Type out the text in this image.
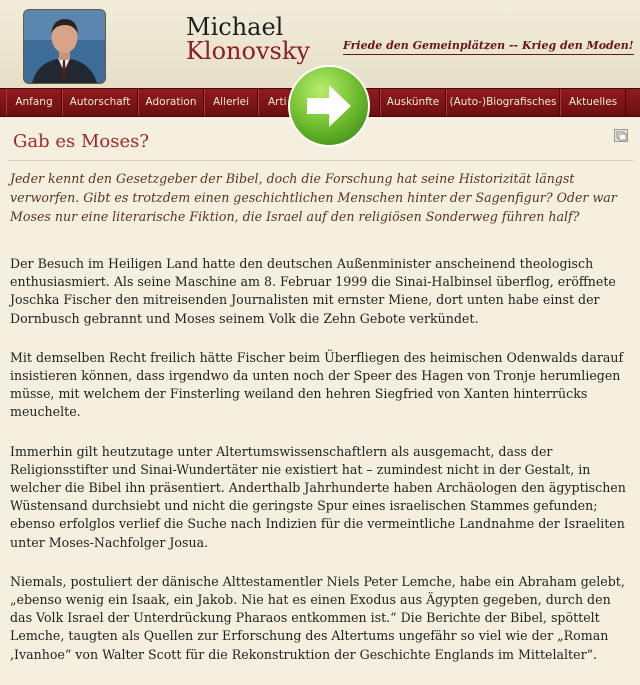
Michael
Klonovsky	Friede den Gemeinplätzen -- Krieg den Moden!
Anfang	Autorschaft	Adoration	Allerlei	Arti	Auskünfte (Auto-)Biografisches	Aktuelles
Gab es Moses?
Jeder kennt den Gesetzgeber der Bibel, doch die Forschung hat seine Historizität längst verworfen. Gibt es trotzdem einen geschichtlichen Menschen hinter der Sagenfigur? Oder war Moses nur eine literarische Fiktion, die Israel auf den religiösen Sonderweg führen half?

Der Besuch im Heiligen Land hatte den deutschen Außenminister anscheinend theologisch enthusiasmiert. Als seine Maschine am 8. Februar 1999 die Sinai-Halbinsel überflog, eröffnete Joschka Fischer den mitreisenden Journalisten mit ernster Miene, dort unten habe einst der Dornbusch gebrannt und Moses seinem Volk die Zehn Gebote verkündet.

Mit demselben Recht freilich hätte Fischer beim Überfliegen des heimischen Odenwalds darauf insistieren können, dass irgendwo da unten noch der Speer des Hagen von Tronje herumliegen müsse, mit welchem der Finsterling weiland den hehren Siegfried von Xanten hinterrücks meuchelte.

Immerhin gilt heutzutage unter Altertumswissenschaftlern als ausgemacht, dass der Religionsstifter und Sinai-Wundertäter nie existiert hat – zumindest nicht in der Gestalt, in welcher die Bibel ihn präsentiert. Anderthalb Jahrhunderte haben Archäologen den ägyptischen Wüstensand durchsiebt und nicht die geringste Spur eines israelischen Stammes gefunden; ebenso erfolglos verlief die Suche nach Indizien für die vermeintliche Landnahme der Israeliten unter Moses-Nachfolger Josua.

Niemals, postuliert der dänische Alttestamentler Niels Peter Lemche, habe ein Abraham gelebt, „ebenso wenig ein Isaak, ein Jakob. Nie hat es einen Exodus aus Ägypten gegeben, durch den das Volk Israel der Unterdrückung Pharaos entkommen ist.“ Die Berichte der Bibel, spöttelt Lemche, taugten als Quellen zur Erforschung des Altertums ungefähr so viel wie der „Roman ‚Ivanhoe“ von Walter Scott für die Rekonstruktion der Geschichte Englands im Mittelalter“.
